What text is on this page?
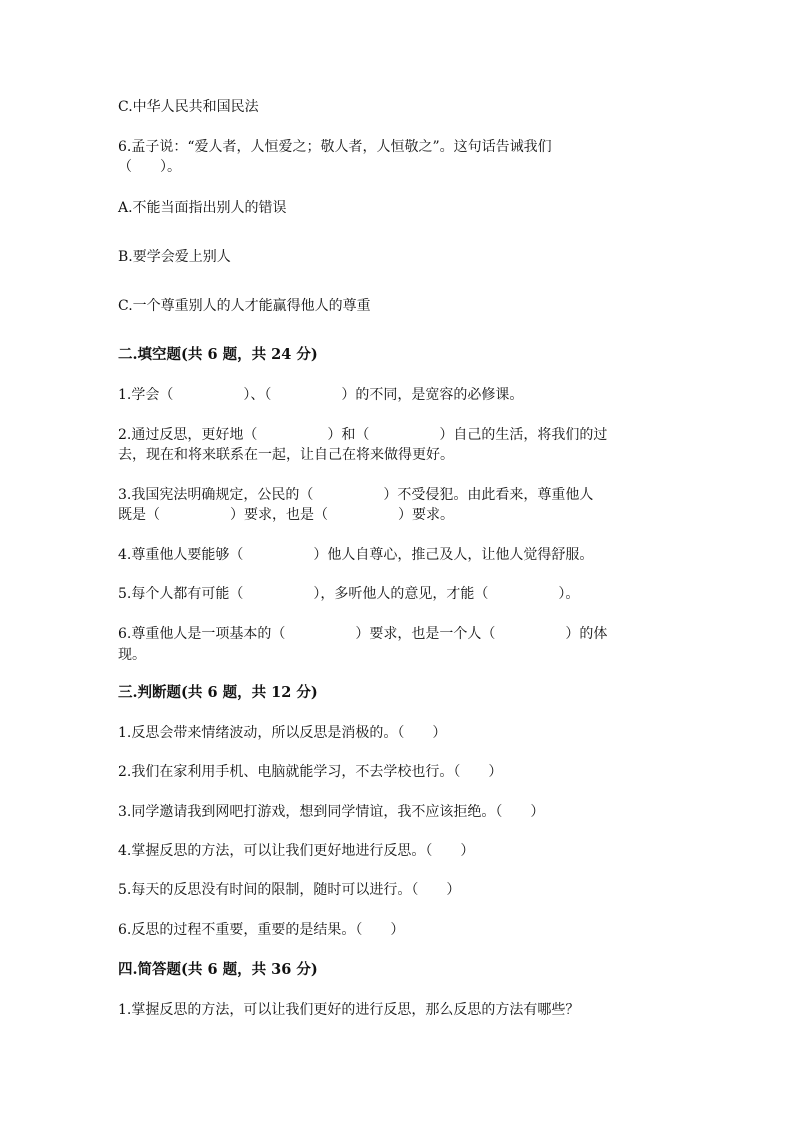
C.中华人民共和国民法
6.孟子说：“爱人者，人恒爱之；敬人者，人恒敬之”。这句话告诫我们
（　　）。
A.不能当面指出别人的错误
B.要学会爱上别人
C.一个尊重别人的人才能赢得他人的尊重
二.填空题(共 6 题，共 24 分)
1.学会（　　　　　）、（　　　　　）的不同，是宽容的必修课。
2.通过反思，更好地（　　　　　）和（　　　　　）自己的生活，将我们的过
去，现在和将来联系在一起，让自己在将来做得更好。
3.我国宪法明确规定，公民的（　　　　　）不受侵犯。由此看来，尊重他人
既是（　　　　　）要求，也是（　　　　　）要求。
4.尊重他人要能够（　　　　　）他人自尊心，推己及人，让他人觉得舒服。
5.每个人都有可能（　　　　　），多听他人的意见，才能（　　　　　）。
6.尊重他人是一项基本的（　　　　　）要求，也是一个人（　　　　　）的体
现。
三.判断题(共 6 题，共 12 分)
1.反思会带来情绪波动，所以反思是消极的。（　　）
2.我们在家利用手机、电脑就能学习，不去学校也行。（　　）
3.同学邀请我到网吧打游戏，想到同学情谊，我不应该拒绝。（　　）
4.掌握反思的方法，可以让我们更好地进行反思。（　　）
5.每天的反思没有时间的限制，随时可以进行。（　　）
6.反思的过程不重要，重要的是结果。（　　）
四.简答题(共 6 题，共 36 分)
1.掌握反思的方法，可以让我们更好的进行反思，那么反思的方法有哪些？
